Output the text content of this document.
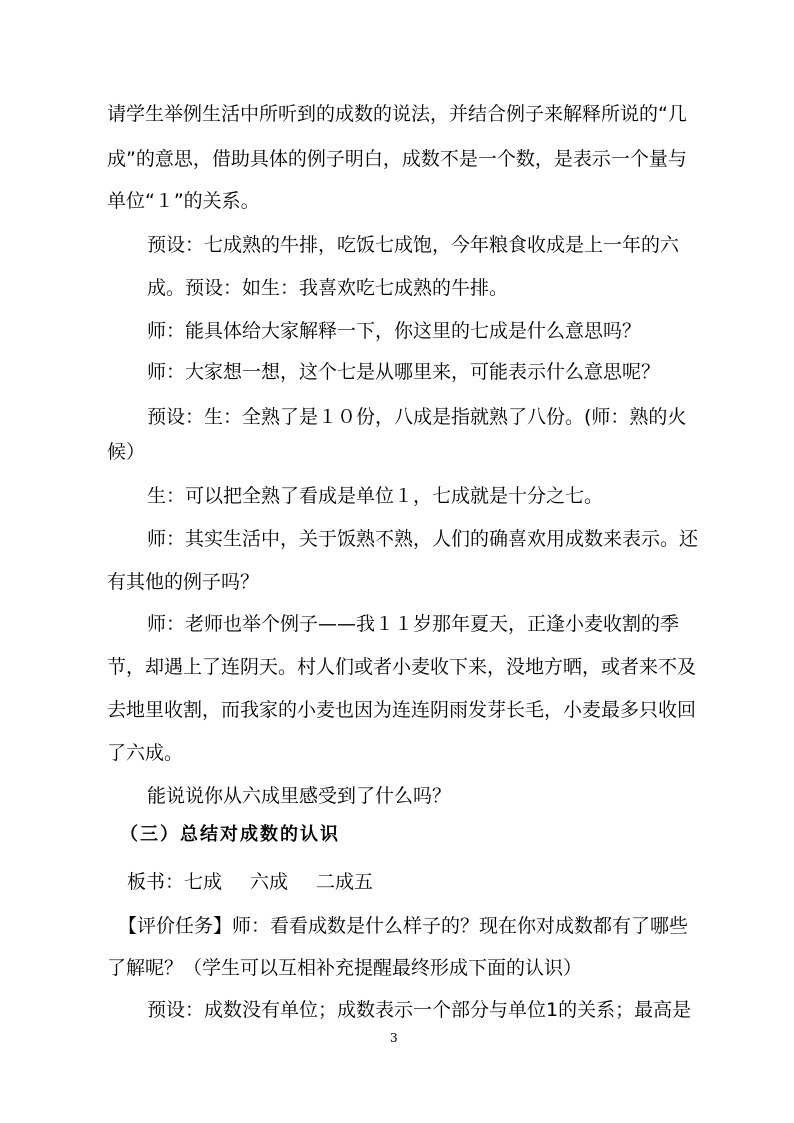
请学生举例生活中所听到的成数的说法，并结合例子来解释所说的“几
成”的意思，借助具体的例子明白，成数不是一个数，是表示一个量与
单位“１”的关系。
预设：七成熟的牛排，吃饭七成饱，今年粮食收成是上一年的六
成。预设：如生：我喜欢吃七成熟的牛排。
师：能具体给大家解释一下，你这里的七成是什么意思吗？
师：大家想一想，这个七是从哪里来，可能表示什么意思呢？
预设：生：全熟了是１０份，八成是指就熟了八份。(师：熟的火
候）
生：可以把全熟了看成是单位１，七成就是十分之七。
师：其实生活中，关于饭熟不熟，人们的确喜欢用成数来表示。还
有其他的例子吗？
师：老师也举个例子——我１１岁那年夏天，正逢小麦收割的季
节，却遇上了连阴天。村人们或者小麦收下来，没地方晒，或者来不及
去地里收割，而我家的小麦也因为连连阴雨发芽长毛，小麦最多只收回
了六成。
能说说你从六成里感受到了什么吗？
（三）总结对成数的认识
板书：七成 六成 二成五
【评价任务】师：看看成数是什么样子的？现在你对成数都有了哪些
了解呢？（学生可以互相补充提醒最终形成下面的认识）
预设：成数没有单位；成数表示一个部分与单位1的关系；最高是
3
